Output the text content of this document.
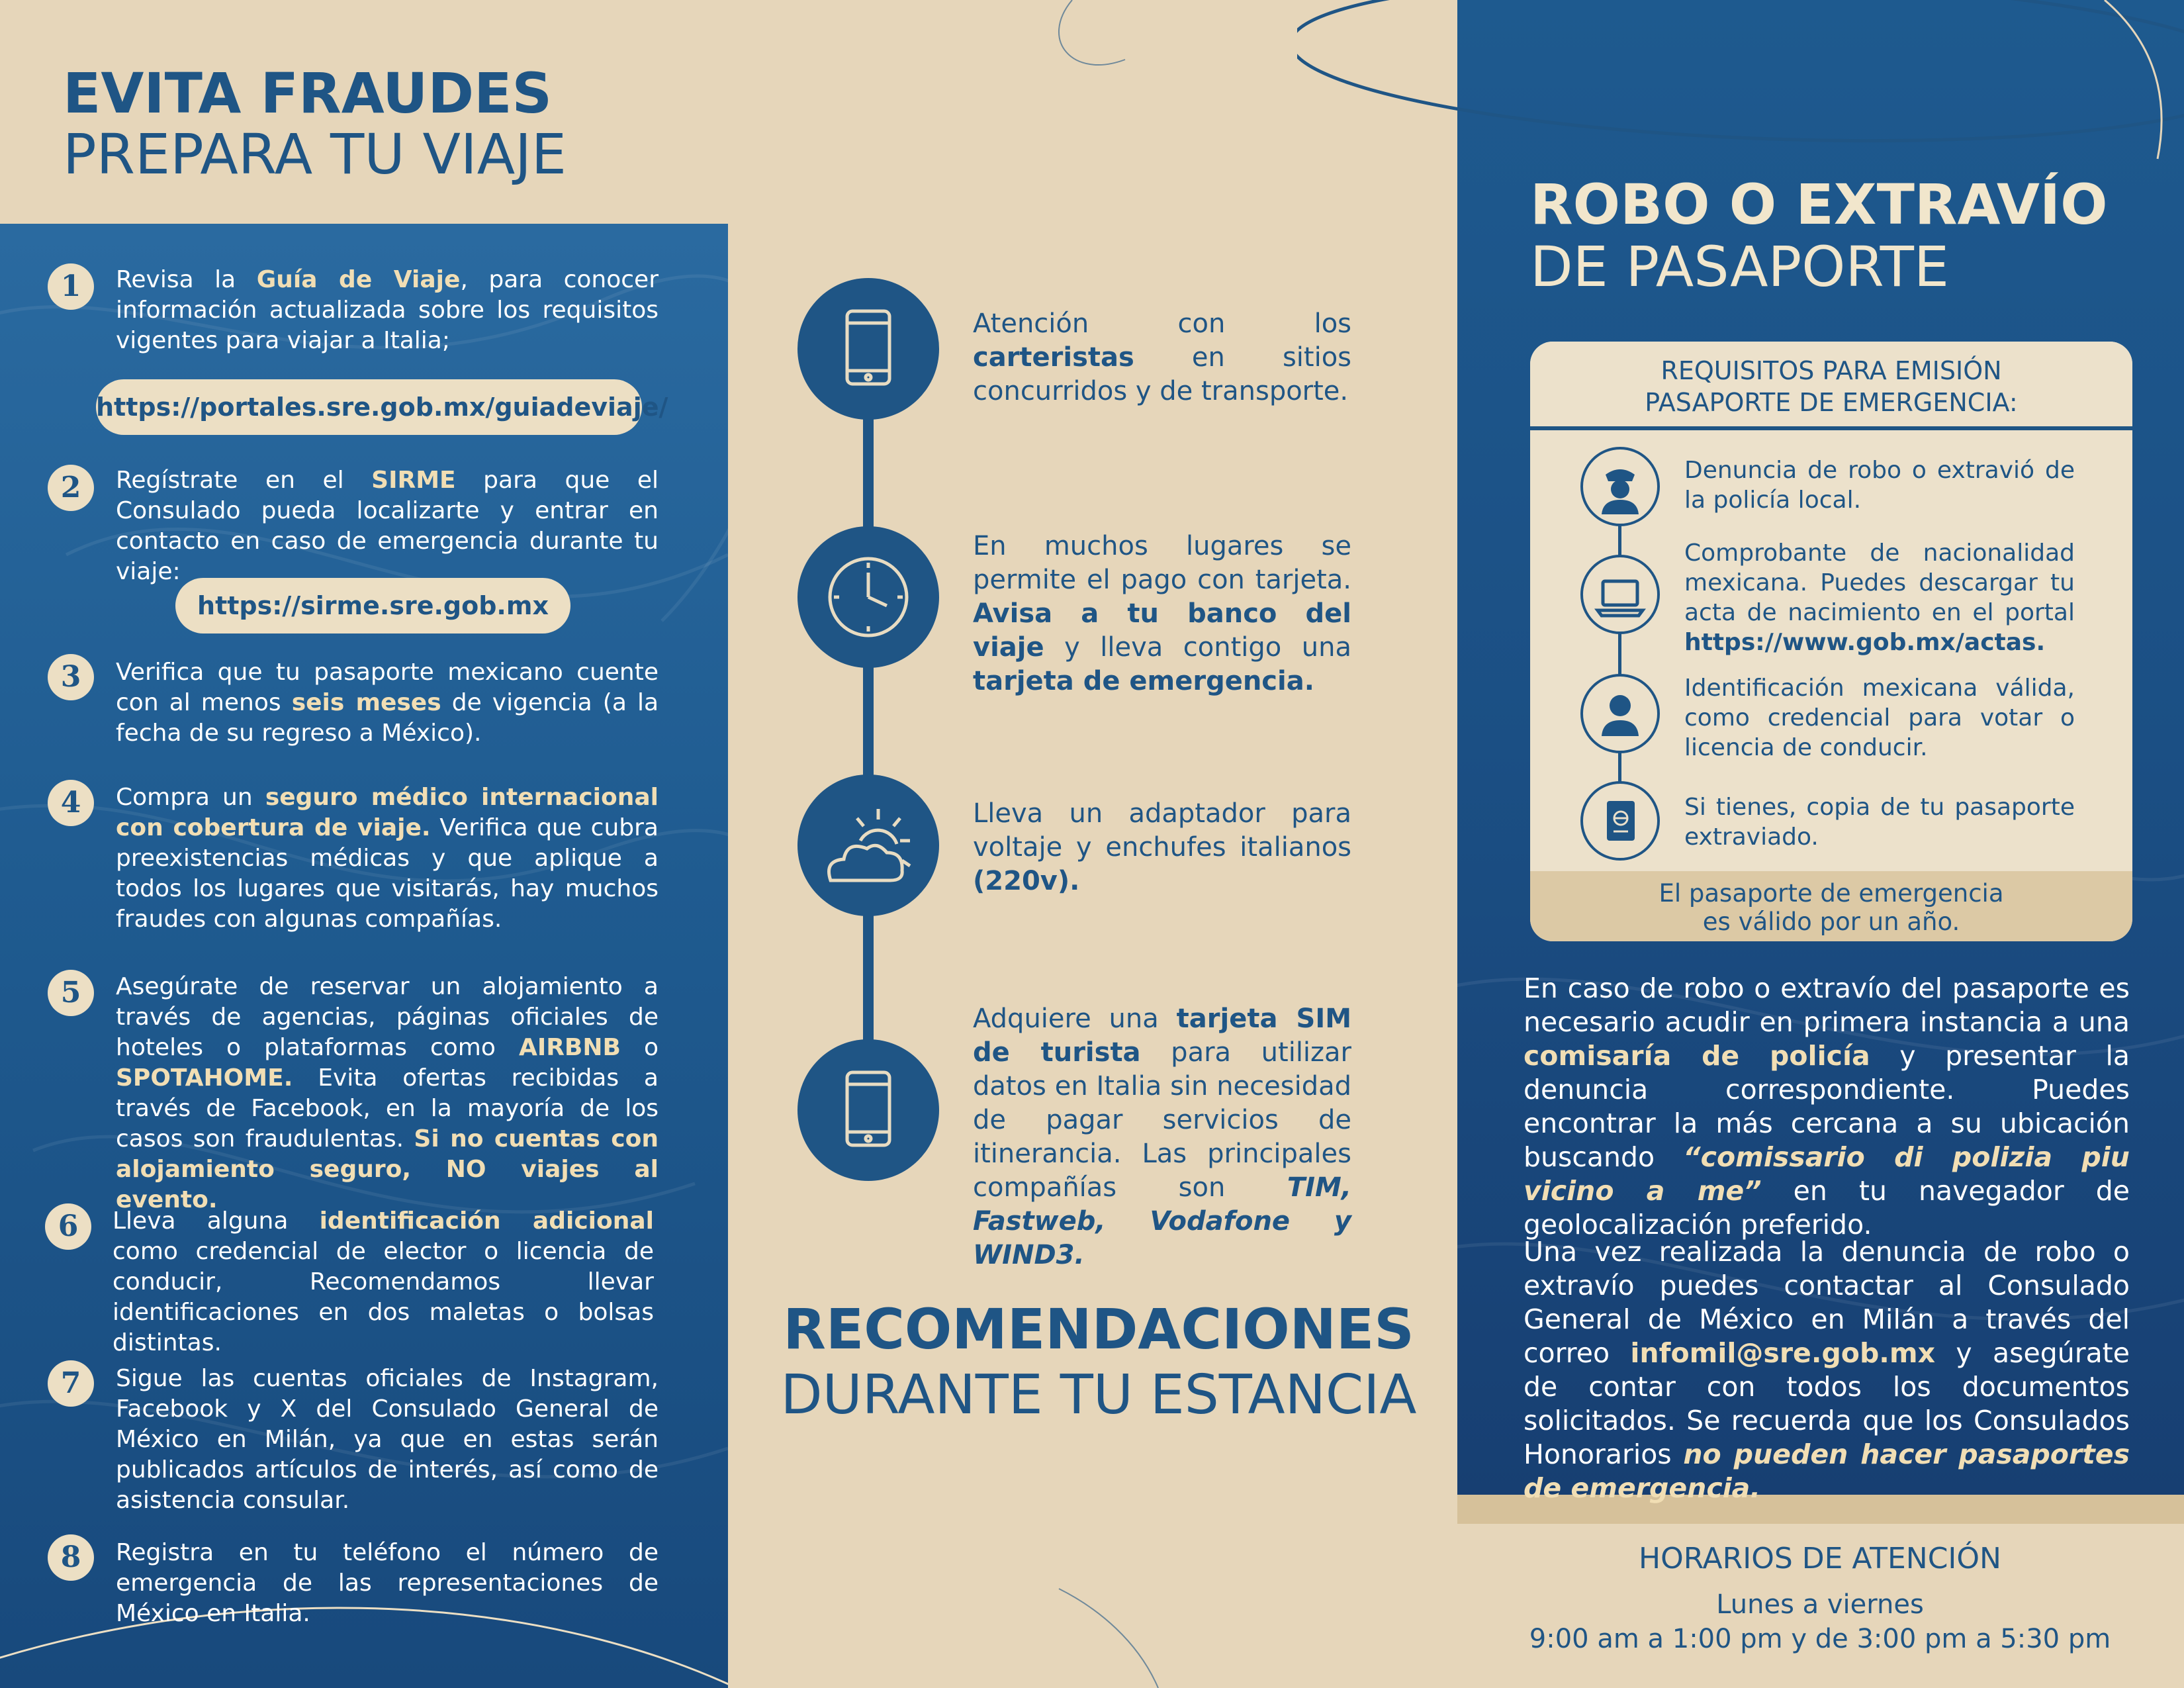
EVITA FRAUDES
PREPARA TU VIAJE
1	Revisa la Guía de Viaje, para conocer información actualizada sobre los requisitos vigentes para viajar a Italia;
https://portales.sre.gob.mx/guiadeviaje/
2	Regístrate en el SIRME para que el Consulado pueda localizarte y entrar en contacto en caso de emergencia durante tu viaje:
https://sirme.sre.gob.mx
3	Verifica que tu pasaporte mexicano cuente con al menos seis meses de vigencia (a la fecha de su regreso a México).
4	Compra un seguro médico internacional con cobertura de viaje. Verifica que cubra preexistencias médicas y que aplique a todos los lugares que visitarás, hay muchos fraudes con algunas compañías.
5	Asegúrate de reservar un alojamiento a través de agencias, páginas oficiales de hoteles o plataformas como AIRBNB o SPOTAHOME. Evita ofertas recibidas a través de Facebook, en la mayoría de los casos son fraudulentas. Si no cuentas con alojamiento seguro, NO viajes al evento.
6	Lleva alguna identificación adicional como credencial de elector o licencia de conducir, Recomendamos llevar identificaciones en dos maletas o bolsas distintas.
7	Sigue las cuentas oficiales de Instagram, Facebook y X del Consulado General de México en Milán, ya que en estas serán publicados artículos de interés, así como de asistencia consular.
8	Registra en tu teléfono el número de emergencia de las representaciones de México en Italia.
Atención con los carteristas en sitios concurridos y de transporte.
En muchos lugares se permite el pago con tarjeta. Avisa a tu banco del viaje y lleva contigo una tarjeta de emergencia.
Lleva un adaptador para voltaje y enchufes italianos (220v).
Adquiere una tarjeta SIM de turista para utilizar datos en Italia sin necesidad de pagar servicios de itinerancia. Las principales compañías son TIM, Fastweb, Vodafone y WIND3.
RECOMENDACIONES
DURANTE TU ESTANCIA
ROBO O EXTRAVÍO
DE PASAPORTE
REQUISITOS PARA EMISIÓN
PASAPORTE DE EMERGENCIA:
El pasaporte de emergencia
es válido por un año.
Denuncia de robo o extravió de la policía local.
Comprobante de nacionalidad mexicana. Puedes descargar tu acta de nacimiento en el portal https://www.gob.mx/actas.
Identificación mexicana válida, como credencial para votar o licencia de conducir.
Si tienes, copia de tu pasaporte extraviado.
En caso de robo o extravío del pasaporte es necesario acudir en primera instancia a una comisaría de policía y presentar la denuncia correspondiente. Puedes encontrar la más cercana a su ubicación buscando “comissario di polizia piu vicino a me” en tu navegador de geolocalización preferido.
Una vez realizada la denuncia de robo o extravío puedes contactar al Consulado General de México en Milán a través del correo infomil@sre.gob.mx y asegúrate de contar con todos los documentos solicitados. Se recuerda que los Consulados Honorarios no pueden hacer pasaportes de emergencia.
HORARIOS DE ATENCIÓN
Lunes a viernes
9:00 am a 1:00 pm y de 3:00 pm a 5:30 pm
